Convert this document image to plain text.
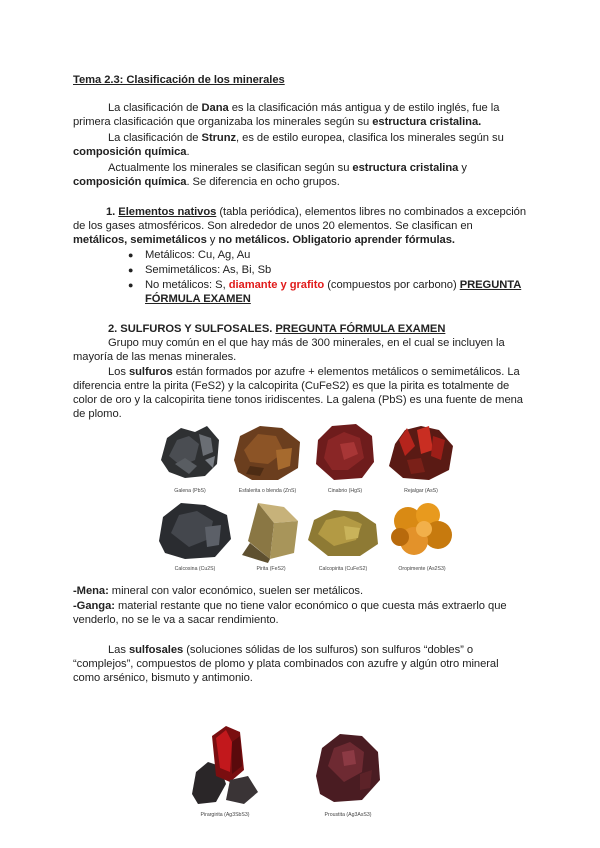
Tema 2.3: Clasificación de los minerales
La clasificación de Dana es la clasificación más antigua y de estilo inglés, fue la
primera clasificación que organizaba los minerales según su estructura cristalina.
La clasificación de Strunz, es de estilo europea, clasifica los minerales según su
composición química.
Actualmente los minerales se clasifican según su estructura cristalina y
composición química. Se diferencia en ocho grupos.
1. Elementos nativos (tabla periódica), elementos libres no combinados a excepción
de los gases atmosféricos. Son alrededor de unos 20 elementos. Se clasifican en
metálicos, semimetálicos y no metálicos. Obligatorio aprender fórmulas.
● Metálicos: Cu, Ag, Au
● Semimetálicos: As, Bi, Sb
● No metálicos: S, diamante y grafito (compuestos por carbono) PREGUNTA
FÓRMULA EXAMEN
2. SULFUROS Y SULFOSALES. PREGUNTA FÓRMULA EXAMEN
Grupo muy común en el que hay más de 300 minerales, en el cual se incluyen la
mayoría de las menas minerales.
Los sulfuros están formados por azufre + elementos metálicos o semimetálicos. La
diferencia entre la pirita (FeS2) y la calcopirita (CuFeS2) es que la pirita es totalmente de
color de oro y la calcopirita tiene tonos iridiscentes. La galena (PbS) es una fuente de mena
de plomo.
Galena (PbS)	Esfalerita o blenda (ZnS)	Cinabrio (HgS)	Rejalgar (AsS)
Calcosina (Cu2S)	Pirita (FeS2)	Calcopirita (CuFeS2)	Oropimente (As2S3)
-Mena: mineral con valor económico, suelen ser metálicos.
-Ganga: material restante que no tiene valor económico o que cuesta más extraerlo que
venderlo, no se le va a sacar rendimiento.
Las sulfosales (soluciones sólidas de los sulfuros) son sulfuros “dobles” o
“complejos”, compuestos de plomo y plata combinados con azufre y algún otro mineral
como arsénico, bismuto y antimonio.
Pirargirita (Ag3SbS3)	Proustita (Ag3AsS3)
